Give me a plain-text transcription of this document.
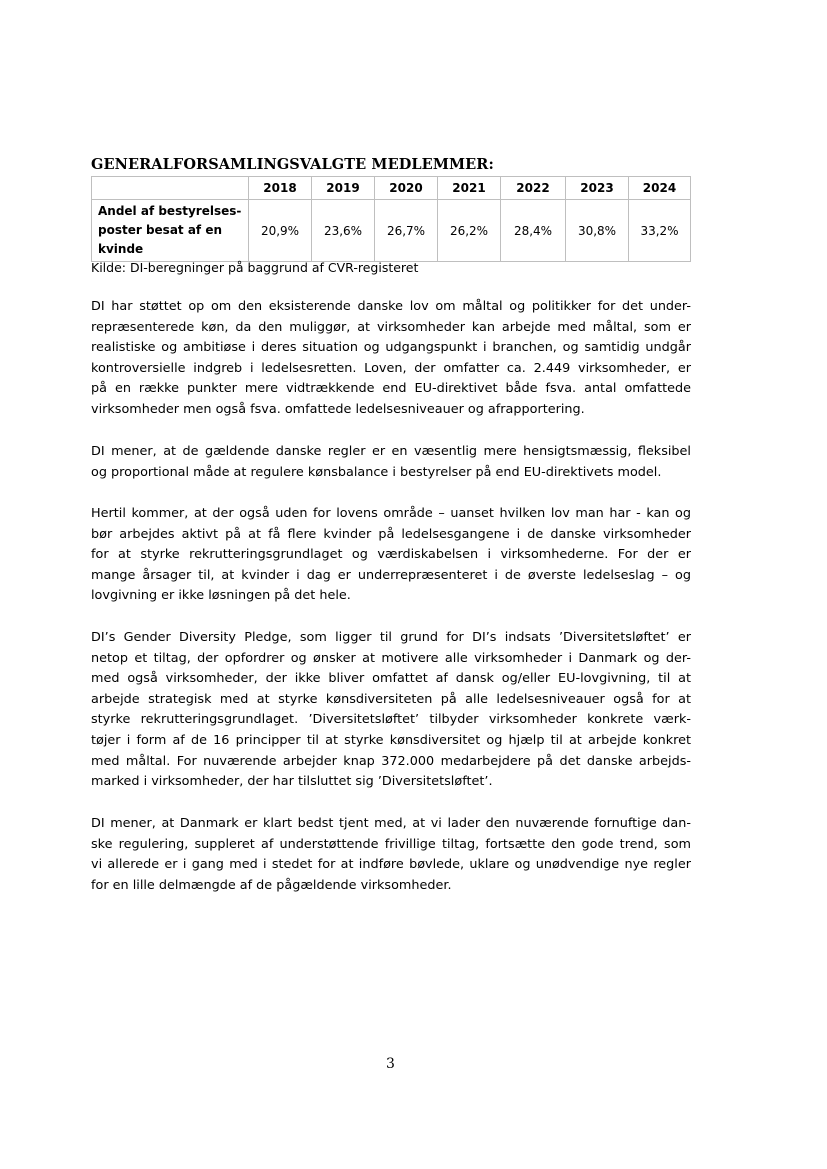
GENERALFORSAMLINGSVALGTE MEDLEMMER:
	2018	2019	2020	2021	2022	2023	2024

Andel af bestyrelses-
poster besat af en
kvinde	20,9%	23,6%	26,7%	26,2%	28,4%	30,8%	33,2%
Kilde: DI-beregninger på baggrund af CVR-registeret
DI har støttet op om den eksisterende danske lov om måltal og politikker for det under-
repræsenterede køn, da den muliggør, at virksomheder kan arbejde med måltal, som er
realistiske og ambitiøse i deres situation og udgangspunkt i branchen, og samtidig undgår
kontroversielle indgreb i ledelsesretten. Loven, der omfatter ca. 2.449 virksomheder, er
på en række punkter mere vidtrækkende end EU-direktivet både fsva. antal omfattede
virksomheder men også fsva. omfattede ledelsesniveauer og afrapportering.
DI mener, at de gældende danske regler er en væsentlig mere hensigtsmæssig, fleksibel
og proportional måde at regulere kønsbalance i bestyrelser på end EU-direktivets model.
Hertil kommer, at der også uden for lovens område – uanset hvilken lov man har - kan og
bør arbejdes aktivt på at få flere kvinder på ledelsesgangene i de danske virksomheder
for at styrke rekrutteringsgrundlaget og værdiskabelsen i virksomhederne. For der er
mange årsager til, at kvinder i dag er underrepræsenteret i de øverste ledelseslag – og
lovgivning er ikke løsningen på det hele.
DI’s Gender Diversity Pledge, som ligger til grund for DI’s indsats ’Diversitetsløftet’ er
netop et tiltag, der opfordrer og ønsker at motivere alle virksomheder i Danmark og der-
med også virksomheder, der ikke bliver omfattet af dansk og/eller EU-lovgivning, til at
arbejde strategisk med at styrke kønsdiversiteten på alle ledelsesniveauer også for at
styrke rekrutteringsgrundlaget. ’Diversitetsløftet’ tilbyder virksomheder konkrete værk-
tøjer i form af de 16 principper til at styrke kønsdiversitet og hjælp til at arbejde konkret
med måltal. For nuværende arbejder knap 372.000 medarbejdere på det danske arbejds-
marked i virksomheder, der har tilsluttet sig ’Diversitetsløftet’.
DI mener, at Danmark er klart bedst tjent med, at vi lader den nuværende fornuftige dan-
ske regulering, suppleret af understøttende frivillige tiltag, fortsætte den gode trend, som
vi allerede er i gang med i stedet for at indføre bøvlede, uklare og unødvendige nye regler
for en lille delmængde af de pågældende virksomheder.
3
